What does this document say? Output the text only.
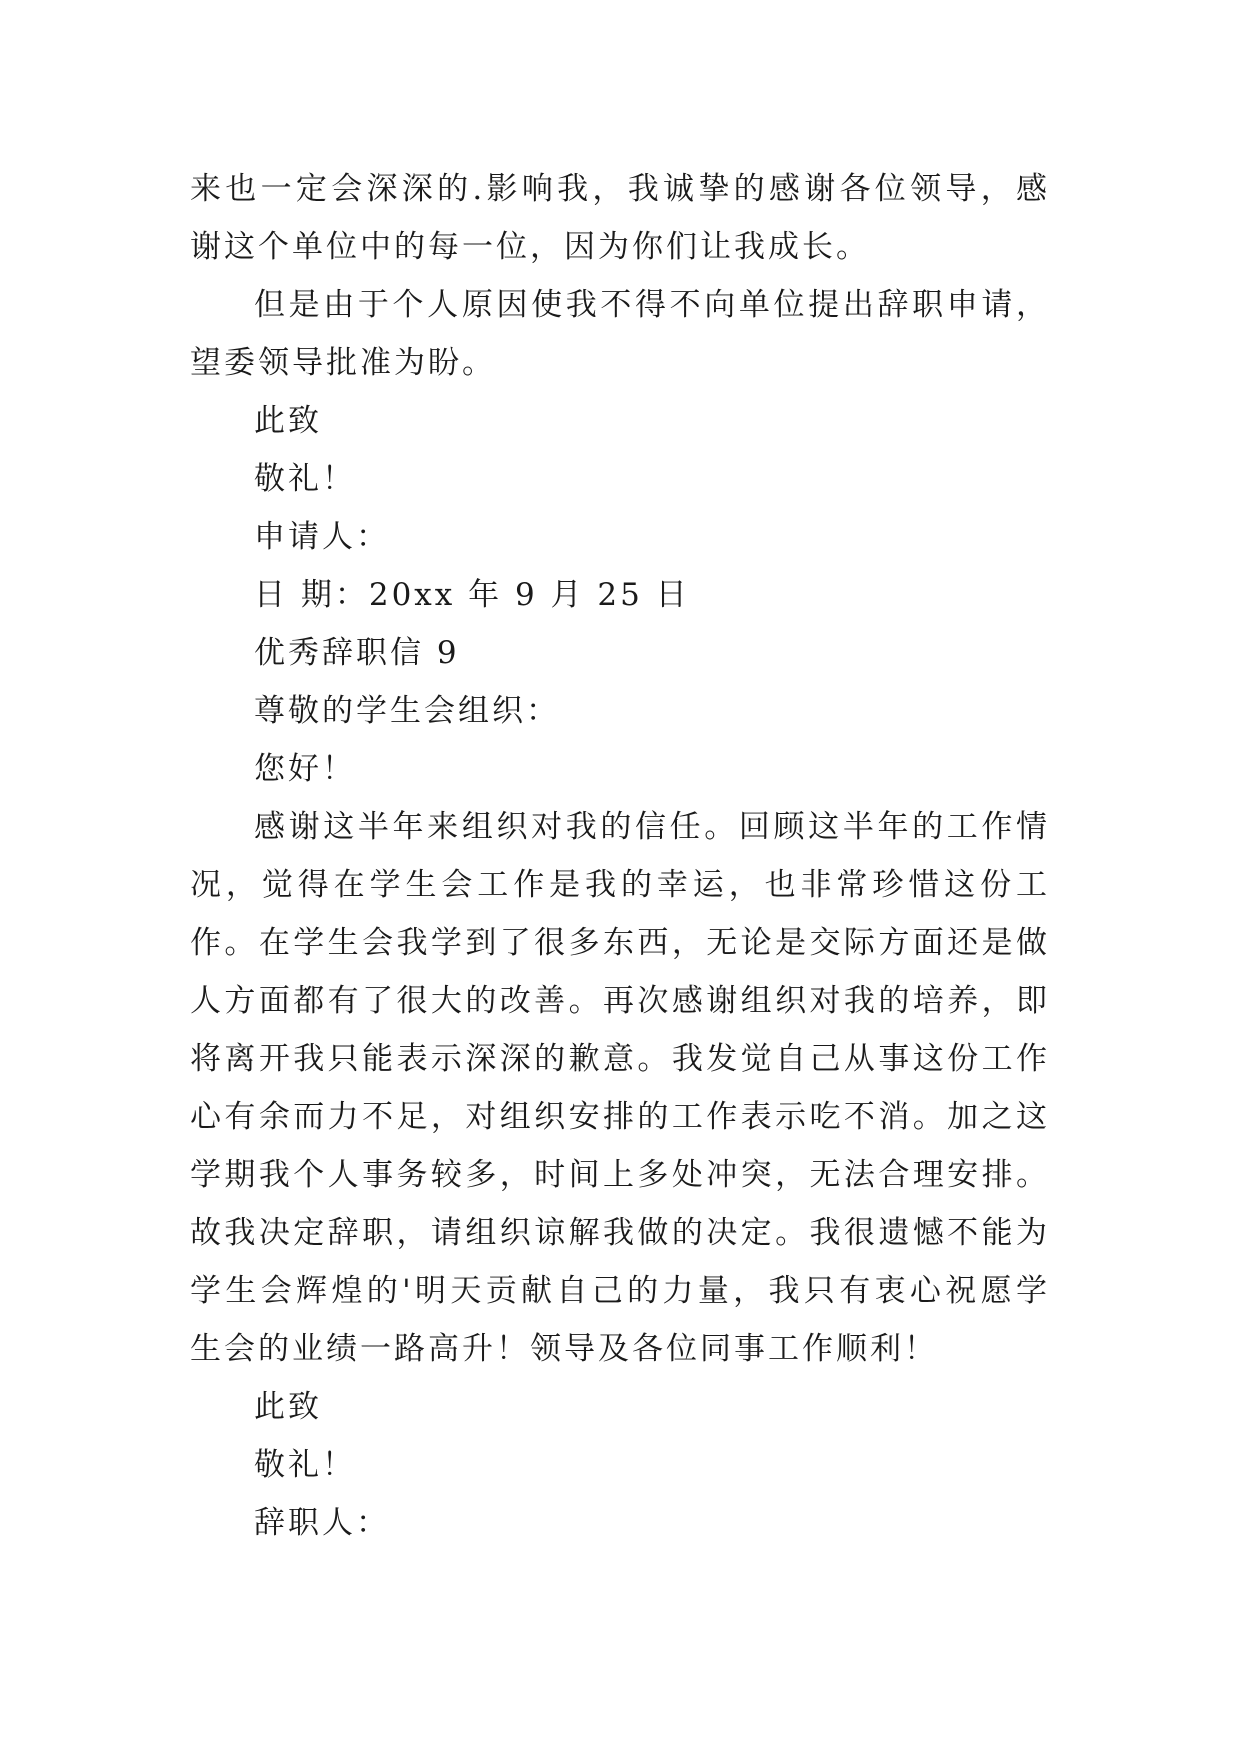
来也一定会深深的.影响我，我诚挚的感谢各位领导，感谢这个单位中的每一位，因为你们让我成长。

但是由于个人原因使我不得不向单位提出辞职申请，望委领导批准为盼。

此致

敬礼！

申请人：

日 期：20xx 年 9 月 25 日

优秀辞职信 9

尊敬的学生会组织：

您好！

感谢这半年来组织对我的信任。回顾这半年的工作情况，觉得在学生会工作是我的幸运，也非常珍惜这份工作。在学生会我学到了很多东西，无论是交际方面还是做人方面都有了很大的改善。再次感谢组织对我的培养，即将离开我只能表示深深的歉意。我发觉自己从事这份工作心有余而力不足，对组织安排的工作表示吃不消。加之这学期我个人事务较多，时间上多处冲突，无法合理安排。故我决定辞职，请组织谅解我做的决定。我很遗憾不能为学生会辉煌的'明天贡献自己的力量，我只有衷心祝愿学生会的业绩一路高升！领导及各位同事工作顺利！

此致

敬礼！

辞职人：
